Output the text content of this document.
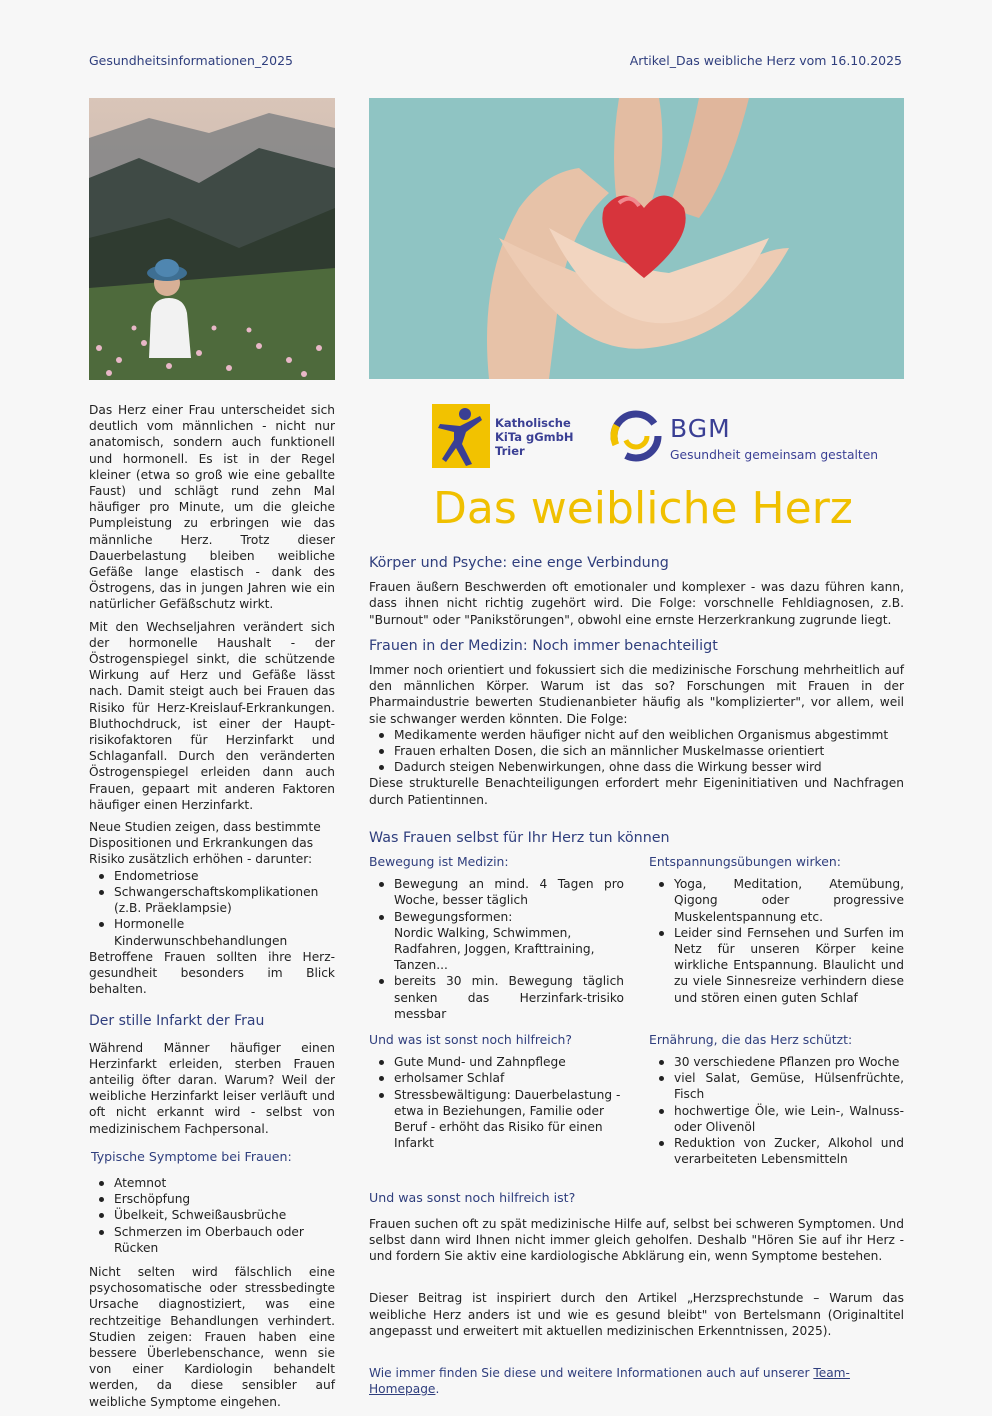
Gesundheitsinformationen_2025	Artikel_Das weibliche Herz vom 16.10.2025
Katholische
KiTa gGmbH
Trier
BGM
Gesundheit gemeinsam gestalten
Das weibliche Herz

Das Herz einer Frau unterscheidet sich deutlich vom männlichen - nicht nur anatomisch, sondern auch funktionell und hormonell. Es ist in der Regel kleiner (etwa so groß wie eine geballte Faust) und schlägt rund zehn Mal häufiger pro Minute, um die gleiche Pumpleistung zu erbringen wie das männliche Herz. Trotz dieser Dauerbelastung bleiben weibliche Gefäße lange elastisch - dank des Östrogens, das in jungen Jahren wie ein natürlicher Gefäßschutz wirkt.

Mit den Wechseljahren verändert sich der hormonelle Haushalt - der Östrogenspiegel sinkt, die schützende Wirkung auf Herz und Gefäße lässt nach. Damit steigt auch bei Frauen das Risiko für Herz-Kreislauf-Erkrankungen. Bluthochdruck, ist einer der Haupt-risikofaktoren für Herzinfarkt und Schlaganfall. Durch den veränderten Östrogenspiegel erleiden dann auch Frauen, gepaart mit anderen Faktoren häufiger einen Herzinfarkt.

Neue Studien zeigen, dass bestimmte Dispositionen und Erkrankungen das Risiko zusätzlich erhöhen - darunter:

Endometriose
Schwangerschaftskomplikationen (z.B. Präeklampsie)
Hormonelle Kinderwunschbehandlungen

Betroffene Frauen sollten ihre Herz-gesundheit besonders im Blick behalten.

Der stille Infarkt der Frau

Während Männer häufiger einen Herzinfarkt erleiden, sterben Frauen anteilig öfter daran. Warum? Weil der weibliche Herzinfarkt leiser verläuft und oft nicht erkannt wird - selbst von medizinischem Fachpersonal.

Typische Symptome bei Frauen:
Atemnot
Erschöpfung
Übelkeit, Schweißausbrüche
Schmerzen im Oberbauch oder Rücken

Nicht selten wird fälschlich eine psychosomatische oder stressbedingte Ursache diagnostiziert, was eine rechtzeitige Behandlungen verhindert. Studien zeigen: Frauen haben eine bessere Überlebenschance, wenn sie von einer Kardiologin behandelt werden, da diese sensibler auf weibliche Symptome eingehen.

Körper und Psyche: eine enge Verbindung

Frauen äußern Beschwerden oft emotionaler und komplexer - was dazu führen kann, dass ihnen nicht richtig zugehört wird. Die Folge: vorschnelle Fehldiagnosen, z.B. "Burnout" oder "Panikstörungen", obwohl eine ernste Herzerkrankung zugrunde liegt.

Frauen in der Medizin: Noch immer benachteiligt

Immer noch orientiert und fokussiert sich die medizinische Forschung mehrheitlich auf den männlichen Körper. Warum ist das so? Forschungen mit Frauen in der Pharmaindustrie bewerten Studienanbieter häufig als "komplizierter", vor allem, weil sie schwanger werden könnten. Die Folge:

Medikamente werden häufiger nicht auf den weiblichen Organismus abgestimmt
Frauen erhalten Dosen, die sich an männlicher Muskelmasse orientiert
Dadurch steigen Nebenwirkungen, ohne dass die Wirkung besser wird

Diese strukturelle Benachteiligungen erfordert mehr Eigeninitiativen und Nachfragen durch Patientinnen.

Was Frauen selbst für Ihr Herz tun können
Bewegung ist Medizin:
Bewegung an mind. 4 Tagen pro Woche, besser täglich
Bewegungsformen:
Nordic Walking, Schwimmen, Radfahren, Joggen, Krafttraining, Tanzen...
bereits 30 min. Bewegung täglich senken das Herzinfark-trisiko messbar
Und was ist sonst noch hilfreich?
Gute Mund- und Zahnpflege
erholsamer Schlaf
Stressbewältigung: Dauerbelastung - etwa in Beziehungen, Familie oder Beruf - erhöht das Risiko für einen Infarkt
Entspannungsübungen wirken:
Yoga, Meditation, Atemübung, Qigong oder progressive Muskelentspannung etc.
Leider sind Fernsehen und Surfen im Netz für unseren Körper keine wirkliche Entspannung. Blaulicht und zu viele Sinnesreize verhindern diese und stören einen guten Schlaf
Ernährung, die das Herz schützt:
30 verschiedene Pflanzen pro Woche
viel Salat, Gemüse, Hülsenfrüchte, Fisch
hochwertige Öle, wie Lein-, Walnuss- oder Olivenöl
Reduktion von Zucker, Alkohol und verarbeiteten Lebensmitteln
Und was sonst noch hilfreich ist?

Frauen suchen oft zu spät medizinische Hilfe auf, selbst bei schweren Symptomen. Und selbst dann wird Ihnen nicht immer gleich geholfen. Deshalb "Hören Sie auf ihr Herz - und fordern Sie aktiv eine kardiologische Abklärung ein, wenn Symptome bestehen.

Dieser Beitrag ist inspiriert durch den Artikel „Herzsprechstunde – Warum das weibliche Herz anders ist und wie es gesund bleibt" von Bertelsmann (Originaltitel angepasst und erweitert mit aktuellen medizinischen Erkenntnissen, 2025).

Wie immer finden Sie diese und weitere Informationen auch auf unserer Team-Homepage.
